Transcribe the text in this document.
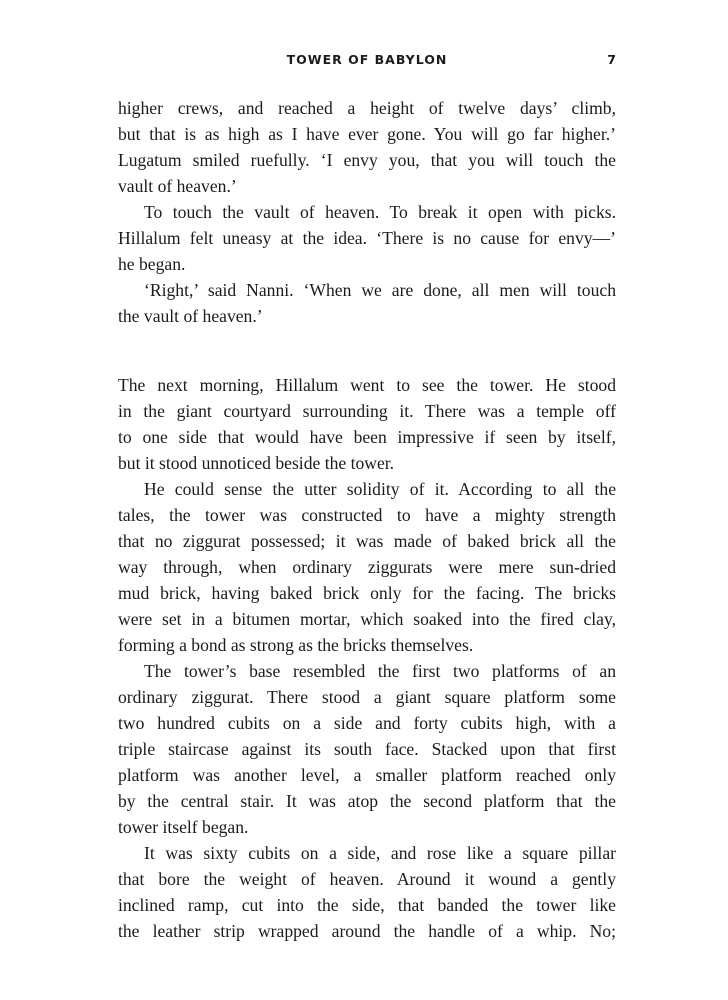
TOWER OF BABYLON	7
higher crews, and reached a height of twelve days’ climb,
but that is as high as I have ever gone. You will go far higher.’
Lugatum smiled ruefully. ‘I envy you, that you will touch the
vault of heaven.’
To touch the vault of heaven. To break it open with picks.
Hillalum felt uneasy at the idea. ‘There is no cause for envy—’
he began.
‘Right,’ said Nanni. ‘When we are done, all men will touch
the vault of heaven.’
The next morning, Hillalum went to see the tower. He stood
in the giant courtyard surrounding it. There was a temple off
to one side that would have been impressive if seen by itself,
but it stood unnoticed beside the tower.
He could sense the utter solidity of it. According to all the
tales, the tower was constructed to have a mighty strength
that no ziggurat possessed; it was made of baked brick all the
way through, when ordinary ziggurats were mere sun-dried
mud brick, having baked brick only for the facing. The bricks
were set in a bitumen mortar, which soaked into the fired clay,
forming a bond as strong as the bricks themselves.
The tower’s base resembled the first two platforms of an
ordinary ziggurat. There stood a giant square platform some
two hundred cubits on a side and forty cubits high, with a
triple staircase against its south face. Stacked upon that first
platform was another level, a smaller platform reached only
by the central stair. It was atop the second platform that the
tower itself began.
It was sixty cubits on a side, and rose like a square pillar
that bore the weight of heaven. Around it wound a gently
inclined ramp, cut into the side, that banded the tower like
the leather strip wrapped around the handle of a whip. No;
